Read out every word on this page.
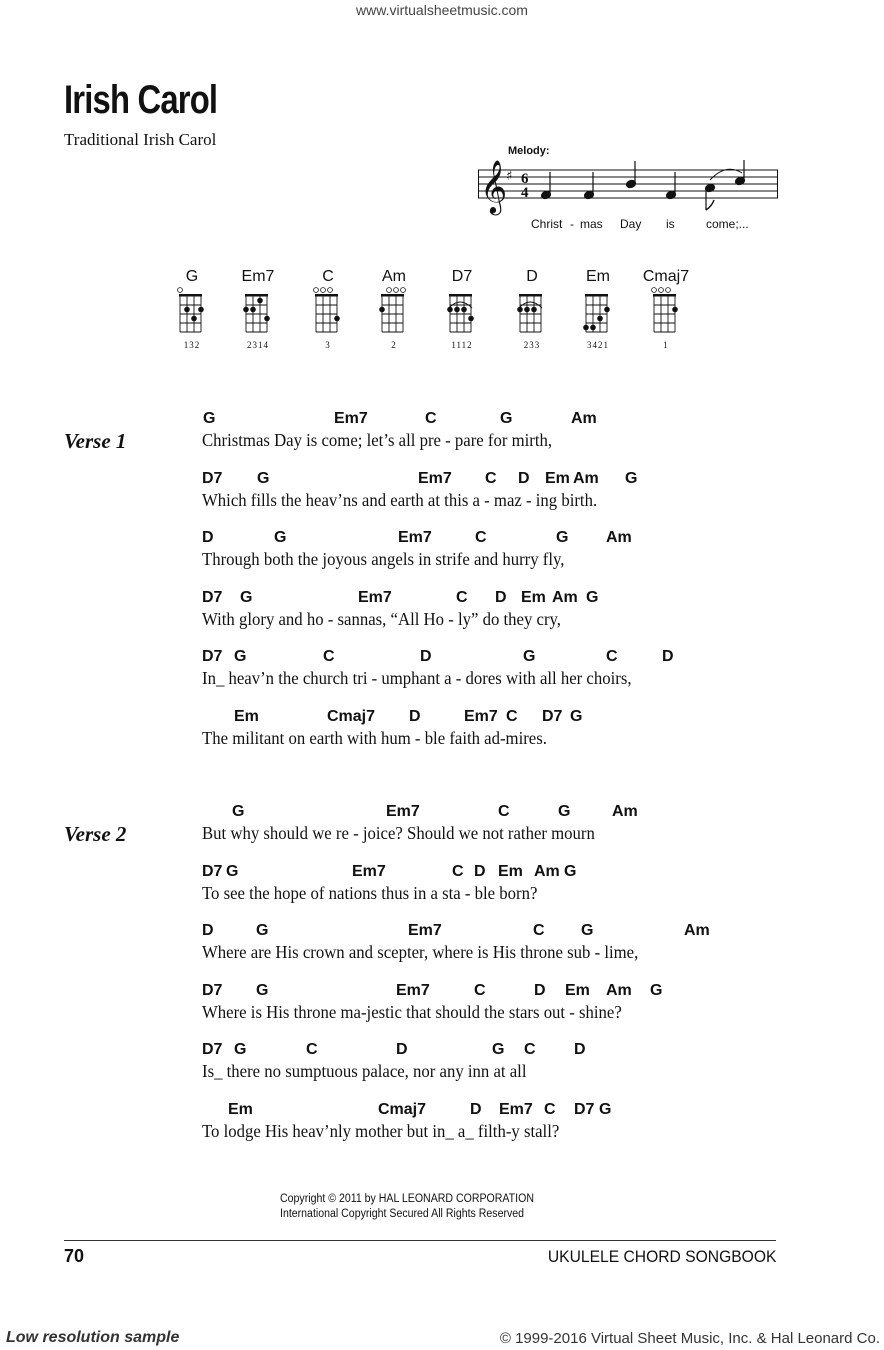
www.virtualsheetmusic.com
Irish Carol
Traditional Irish Carol
Melody:
𝄞
♯ 6
4
Christ - mas Day is	come;...
G
132
Em7
2314
C
3
Am
2
D7
1112
D
233
Em
3421
Cmaj7
1
Verse 1
G	Em7	C	G	Am
Christmas Day is come; let’s all pre - pare for mirth,
D7 G	Em7 C D Em Am G
Which fills the heav’ns and earth at this a - maz - ing birth.
D	G	Em7	C	G Am
Through both the joyous angels in strife and hurry fly,
D7 G	Em7	C D Em Am G
With glory and ho - sannas, “All Ho - ly” do they cry,
D7 G	C	D	G	C	D
In_ heav’n the church tri - umphant a - dores with all her choirs,
Em	Cmaj7 D	Em7 C D7 G
The militant on earth with hum - ble faith ad-mires.
Verse 2
G	Em7	C	G	Am
But why should we re - joice? Should we not rather mourn
D7 G	Em7	C D Em Am G
To see the hope of nations thus in a sta - ble born?
D	G	Em7	C G	Am
Where are His crown and scepter, where is His throne sub - lime,
D7 G	Em7	C	D Em Am G
Where is His throne ma-jestic that should the stars out - shine?
D7 G	C	D	G C D
Is_ there no sumptuous palace, nor any inn at all
Em	Cmaj7	D Em7 C D7 G
To lodge His heav’nly mother but in_ a_ filth-y stall?
Copyright © 2011 by HAL LEONARD CORPORATION
International Copyright Secured All Rights Reserved
70	UKULELE CHORD SONGBOOK
Low resolution sample	© 1999-2016 Virtual Sheet Music, Inc. & Hal Leonard Co.
